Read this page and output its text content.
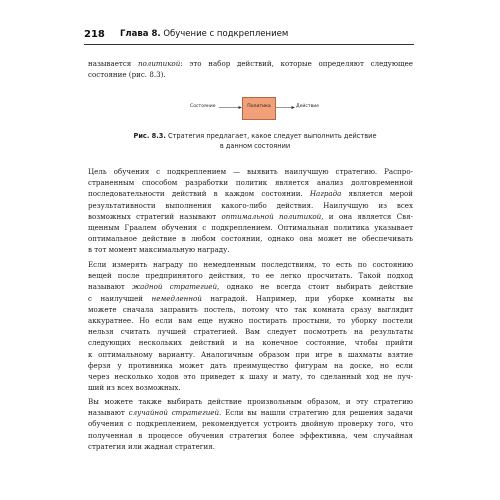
218 Глава 8. Обучение с подкреплением
называется политикой: это набор действий, которые определяют следующее
состояние (рис. 8.3).
Состояние	Политика	Действие
Рис. 8.3. Стратегия предлагает, какое следует выполнить действие
в данном состоянии
Цель обучения с подкреплением — выявить наилучшую стратегию. Распро-
страненным способом разработки политик является анализ долговременной
последовательности действий в каждом состоянии. Наградa является мерой
результативности выполнения какого-либо действия. Наилучшую из всех
возможных стратегий называют оптимальной политикой, и она является Свя-
щенным Граалем обучения с подкреплением. Оптимальная политика указывает
оптимальное действие в любом состоянии, однако она может не обеспечивать
в тот момент максимальную награду.
Если измерять награду по немедленным последствиям, то есть по состоянию
вещей после предпринятого действия, то ее легко просчитать. Такой подход
называют жадной стратегией, однако не всегда стоит выбирать действие
с наилучшей немедленной наградой. Например, при уборке комнаты вы
можете сначала заправить постель, потому что так комната сразу выглядит
аккуратнее. Но если вам еще нужно постирать простыни, то уборку постели
нельзя считать лучшей стратегией. Вам следует посмотреть на результаты
следующих нескольких действий и на конечное состояние, чтобы прийти
к оптимальному варианту. Аналогичным образом при игре в шахматы взятие
ферзя у противника может дать преимущество фигурам на доске, но если
через несколько ходов это приведет к шаху и мату, то сделанный ход не луч-
ший из всех возможных.
Вы можете также выбирать действие произвольным образом, и эту стратегию
называют случайной стратегией. Если вы нашли стратегию для решения задачи
обучения с подкреплением, рекомендуется устроить двойную проверку того, что
полученная в процессе обучения стратегия более эффективна, чем случайная
стратегия или жадная стратегия.
